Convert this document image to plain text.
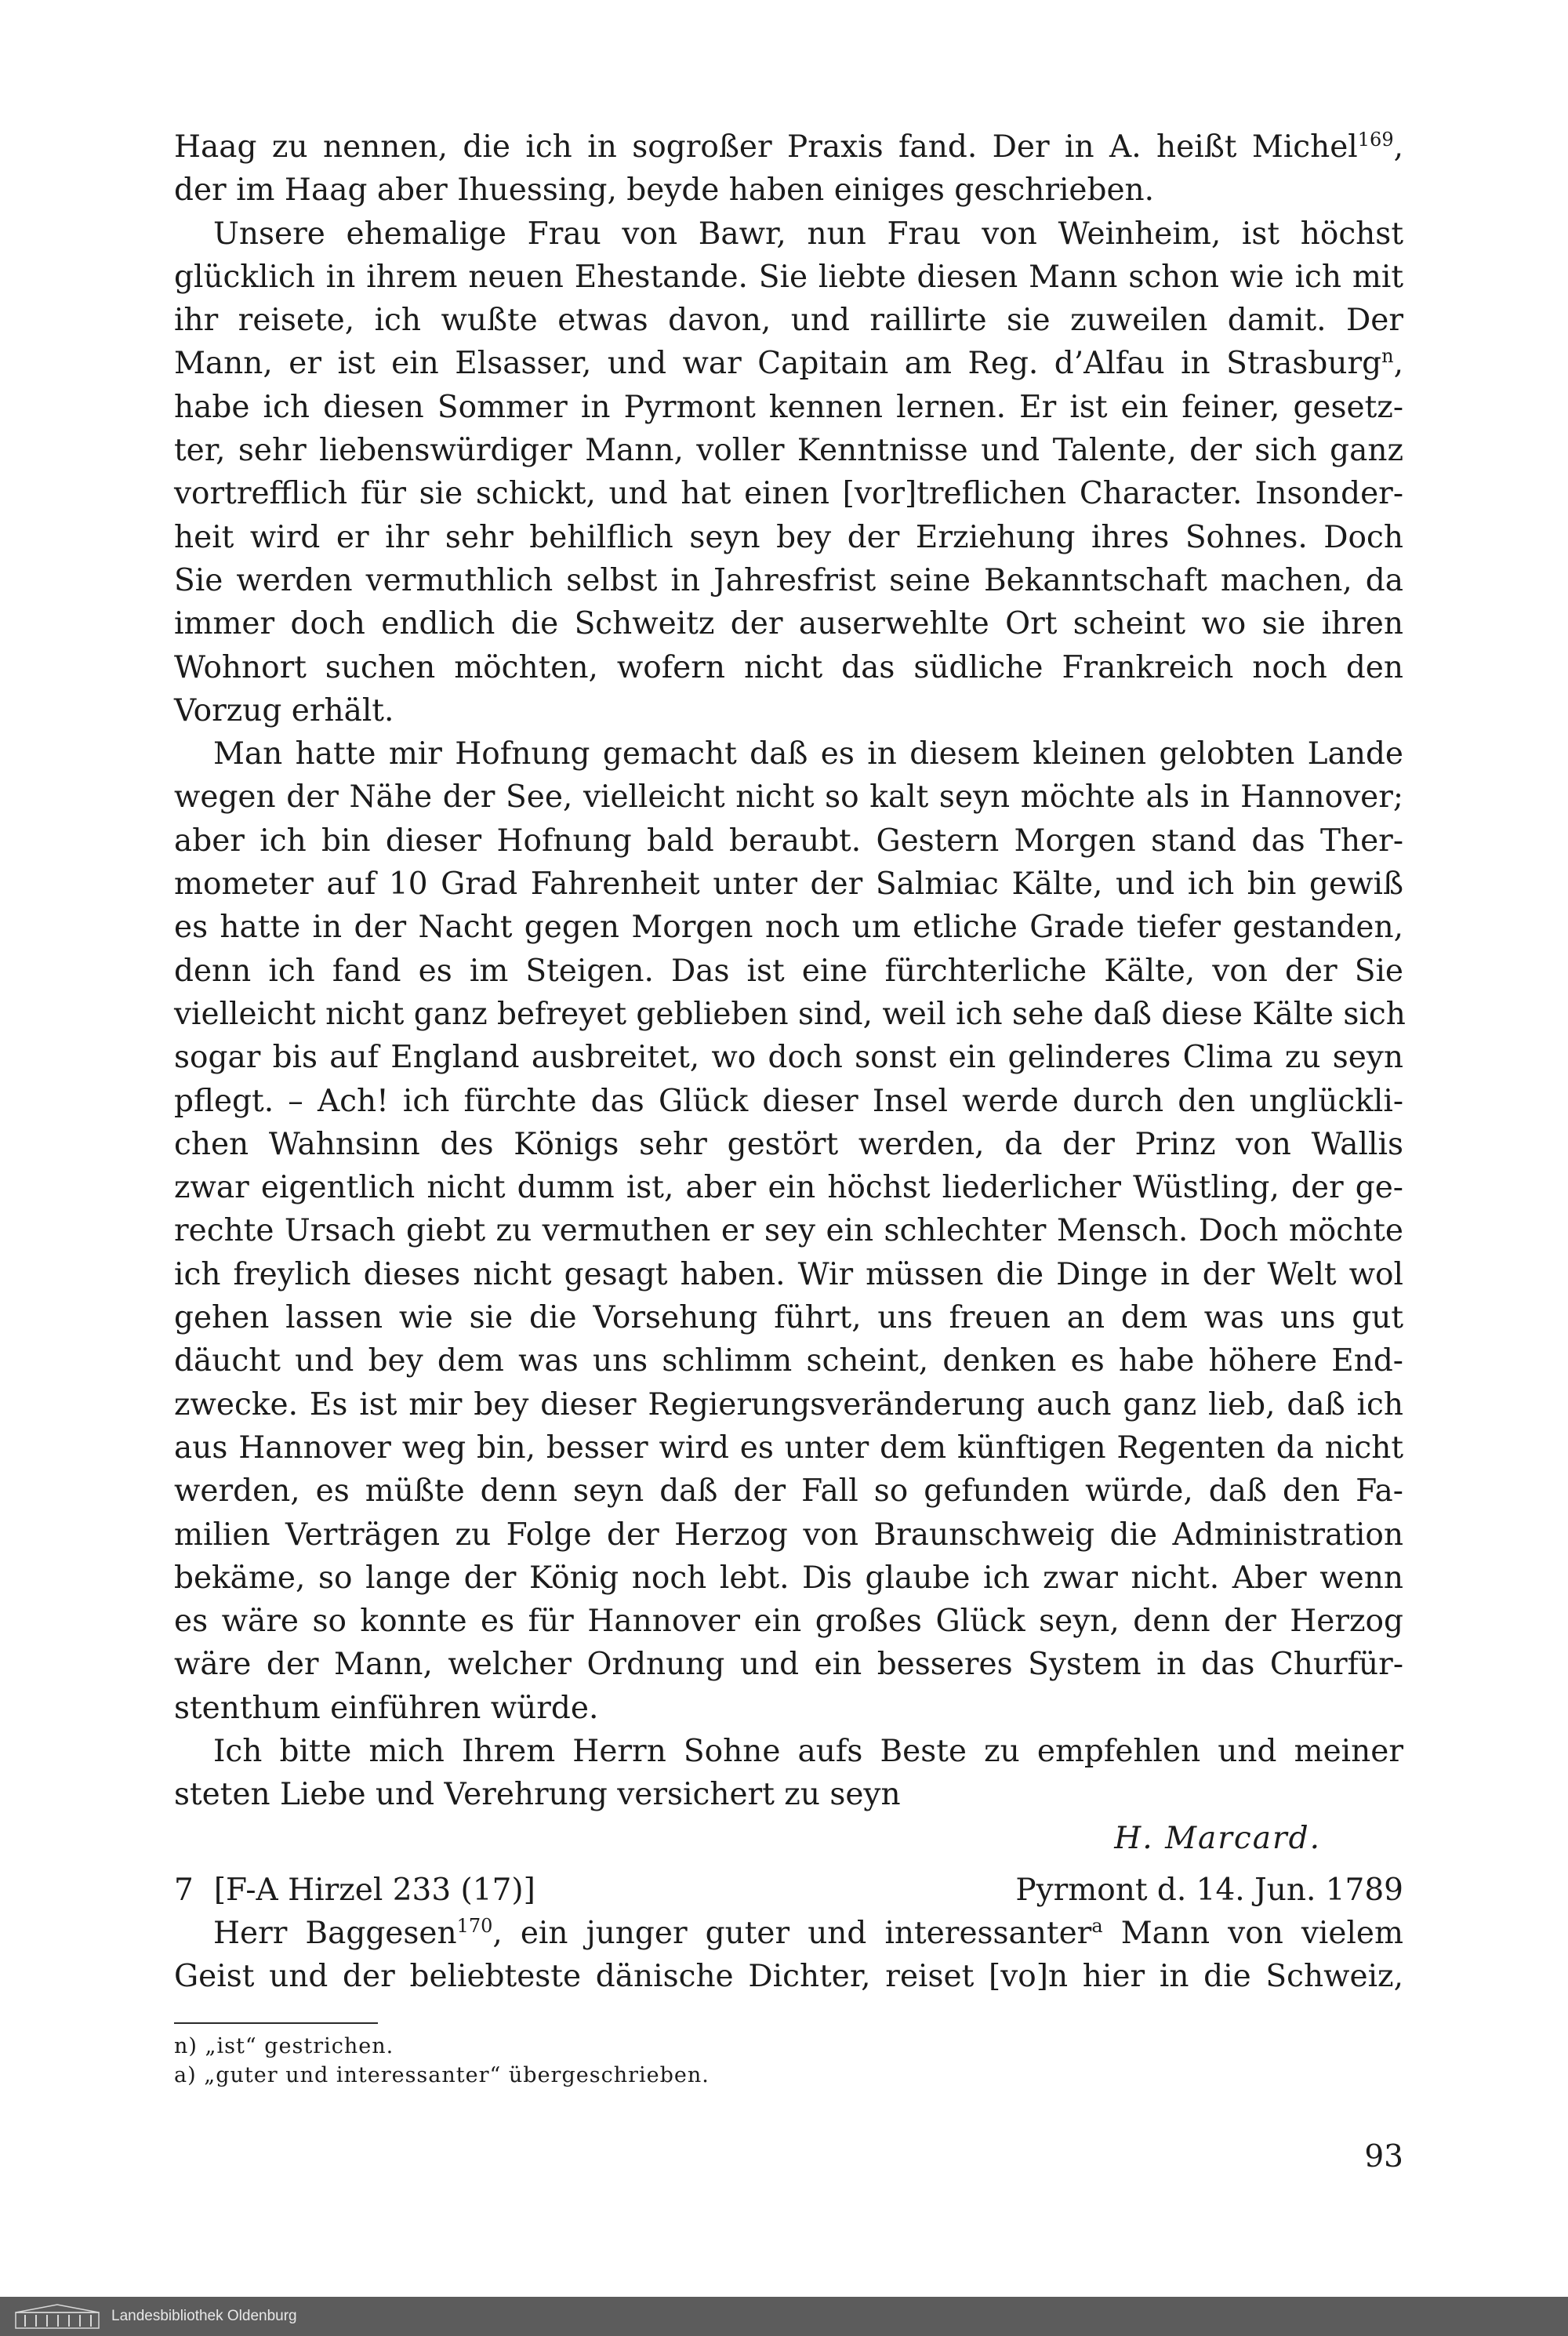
Haag zu nennen, die ich in sogroßer Praxis fand. Der in A. heißt Michel$^{169}$,
der im Haag aber Ihuessing, beyde haben einiges geschrieben.
Unsere ehemalige Frau von Bawr, nun Frau von Weinheim, ist höchst
glücklich in ihrem neuen Ehestande. Sie liebte diesen Mann schon wie ich mit
ihr reisete, ich wußte etwas davon, und raillirte sie zuweilen damit. Der
Mann, er ist ein Elsasser, und war Capitain am Reg. d’Alfau in Strasburg$^n$,
habe ich diesen Sommer in Pyrmont kennen lernen. Er ist ein feiner, gesetz-
ter, sehr liebenswürdiger Mann, voller Kenntnisse und Talente, der sich ganz
vortrefflich für sie schickt, und hat einen [vor]treflichen Character. Insonder-
heit wird er ihr sehr behilflich seyn bey der Erziehung ihres Sohnes. Doch
Sie werden vermuthlich selbst in Jahresfrist seine Bekanntschaft machen, da
immer doch endlich die Schweitz der auserwehlte Ort scheint wo sie ihren
Wohnort suchen möchten, wofern nicht das südliche Frankreich noch den
Vorzug erhält.
Man hatte mir Hofnung gemacht daß es in diesem kleinen gelobten Lande
wegen der Nähe der See, vielleicht nicht so kalt seyn möchte als in Hannover;
aber ich bin dieser Hofnung bald beraubt. Gestern Morgen stand das Ther-
mometer auf 10 Grad Fahrenheit unter der Salmiac Kälte, und ich bin gewiß
es hatte in der Nacht gegen Morgen noch um etliche Grade tiefer gestanden,
denn ich fand es im Steigen. Das ist eine fürchterliche Kälte, von der Sie
vielleicht nicht ganz befreyet geblieben sind, weil ich sehe daß diese Kälte sich
sogar bis auf England ausbreitet, wo doch sonst ein gelinderes Clima zu seyn
pflegt. – Ach! ich fürchte das Glück dieser Insel werde durch den unglückli-
chen Wahnsinn des Königs sehr gestört werden, da der Prinz von Wallis
zwar eigentlich nicht dumm ist, aber ein höchst liederlicher Wüstling, der ge-
rechte Ursach giebt zu vermuthen er sey ein schlechter Mensch. Doch möchte
ich freylich dieses nicht gesagt haben. Wir müssen die Dinge in der Welt wol
gehen lassen wie sie die Vorsehung führt, uns freuen an dem was uns gut
däucht und bey dem was uns schlimm scheint, denken es habe höhere End-
zwecke. Es ist mir bey dieser Regierungsveränderung auch ganz lieb, daß ich
aus Hannover weg bin, besser wird es unter dem künftigen Regenten da nicht
werden, es müßte denn seyn daß der Fall so gefunden würde, daß den Fa-
milien Verträgen zu Folge der Herzog von Braunschweig die Administration
bekäme, so lange der König noch lebt. Dis glaube ich zwar nicht. Aber wenn
es wäre so konnte es für Hannover ein großes Glück seyn, denn der Herzog
wäre der Mann, welcher Ordnung und ein besseres System in das Churfür-
stenthum einführen würde.
Ich bitte mich Ihrem Herrn Sohne aufs Beste zu empfehlen und meiner
steten Liebe und Verehrung versichert zu seyn
H. Marcard.
7 [F-A Hirzel 233 (17)]	Pyrmont d. 14. Jun. 1789
Herr Baggesen$^{170}$, ein junger guter und interessanter$^a$ Mann von vielem
Geist und der beliebteste dänische Dichter, reiset [vo]n hier in die Schweiz,
n) „ist“ gestrichen.
a) „guter und interessanter“ übergeschrieben.
93
Landesbibliothek Oldenburg
